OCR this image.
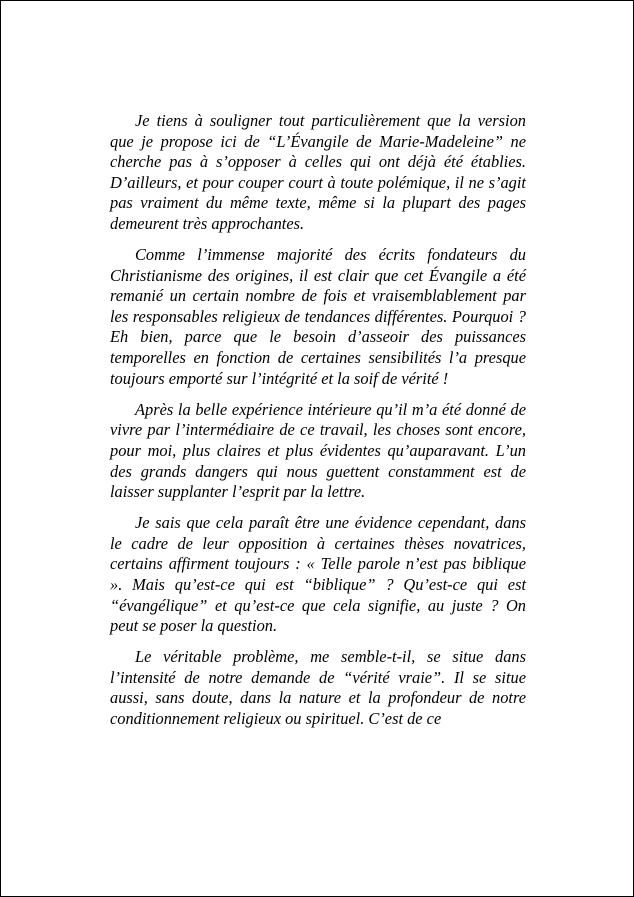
Je tiens à souligner tout particulièrement que la version que je propose ici de “L’Évangile de Marie-Madeleine” ne cherche pas à s’opposer à celles qui ont déjà été établies. D’ailleurs, et pour couper court à toute polémique, il ne s’agit pas vraiment du même texte, même si la plupart des pages demeurent très approchantes.

Comme l’immense majorité des écrits fondateurs du Christianisme des origines, il est clair que cet Évangile a été remanié un certain nombre de fois et vraisemblablement par les responsables religieux de tendances différentes. Pourquoi ? Eh bien, parce que le besoin d’asseoir des puissances temporelles en fonction de certaines sensibilités l’a presque toujours emporté sur l’intégrité et la soif de vérité !

Après la belle expérience intérieure qu’il m’a été donné de vivre par l’intermédiaire de ce travail, les choses sont encore, pour moi, plus claires et plus évidentes qu’auparavant. L’un des grands dangers qui nous guettent constamment est de laisser supplanter l’esprit par la lettre.

Je sais que cela paraît être une évidence cependant, dans le cadre de leur opposition à certaines thèses novatrices, certains affirment toujours : « Telle parole n’est pas biblique ». Mais qu’est-ce qui est “biblique” ? Qu’est-ce qui est “évangélique” et qu’est-ce que cela signifie, au juste ? On peut se poser la question.

Le véritable problème, me semble-t-il, se situe dans l’intensité de notre demande de “vérité vraie”. Il se situe aussi, sans doute, dans la nature et la profondeur de notre conditionnement religieux ou spirituel. C’est de ce
